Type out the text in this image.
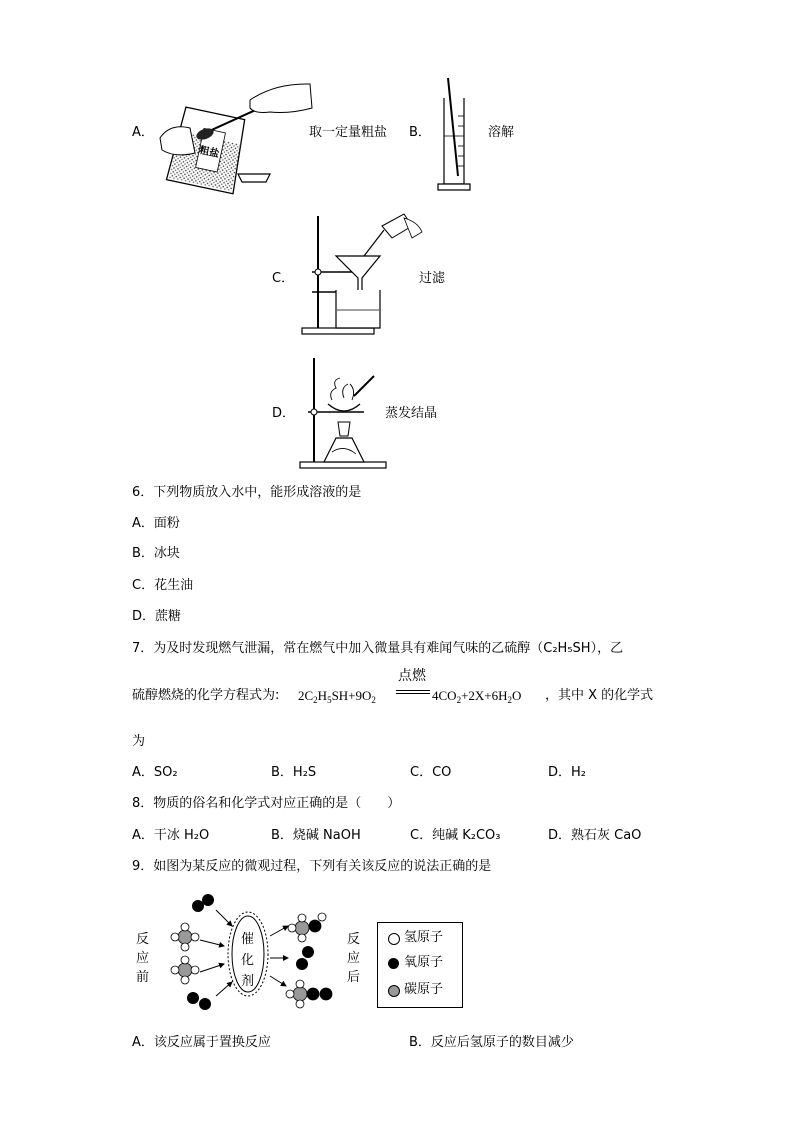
A．
粗盐
取一定量粗盐 B．	溶解
C．	过滤
D．	蒸发结晶
6．下列物质放入水中，能形成溶液的是
A．面粉
B．冰块
C．花生油
D．蔗糖
7．为及时发现燃气泄漏，常在燃气中加入微量具有难闻气味的乙硫醇（C₂H₅SH），乙
硫醇燃烧的化学方程式为: $2C_2H_5SH+9O_2$
点燃
$4CO_2+2X+6H_2O$ ，其中 X 的化学式
为
A．SO₂	B．H₂S	C．CO	D．H₂
8．物质的俗名和化学式对应正确的是（　　）
A．干冰 H₂O	B．烧碱 NaOH	C．纯碱 K₂CO₃	D．熟石灰 CaO
9．如图为某反应的微观过程，下列有关该反应的说法正确的是
反
应
前
催
化
剂
反
应
后
氢原子
氧原子
碳原子
A．该反应属于置换反应	B．反应后氢原子的数目减少
